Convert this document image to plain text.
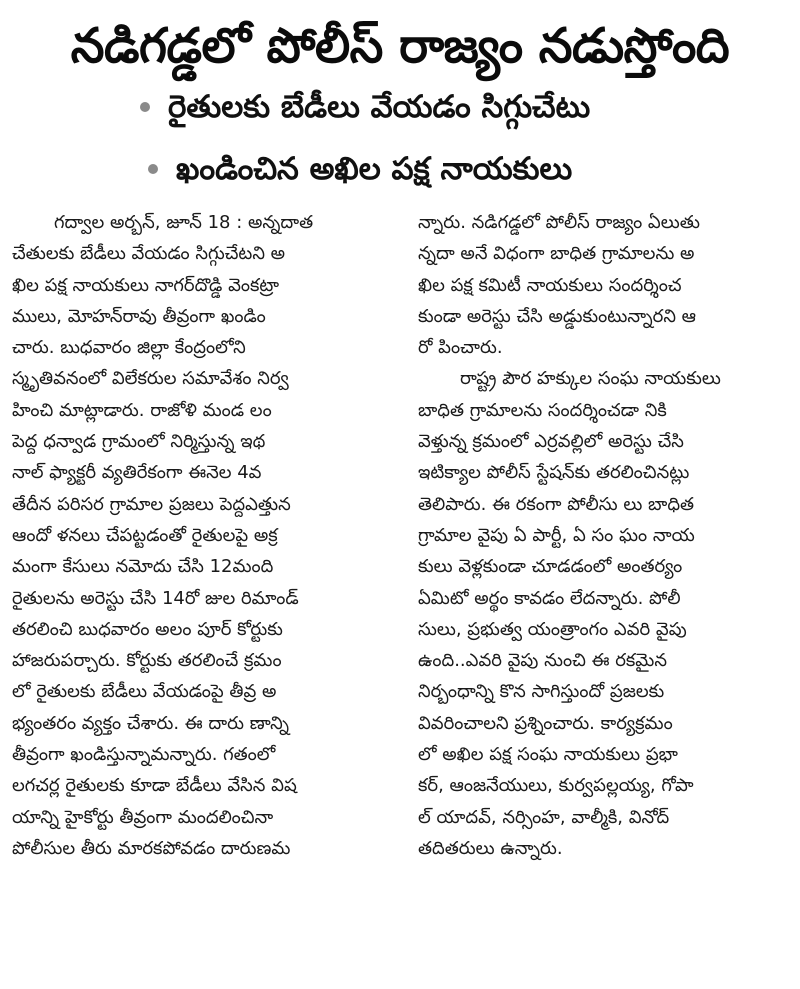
నడిగడ్డలో పోలీస్ రాజ్యం నడుస్తోంది
రైతులకు బేడీలు వేయడం సిగ్గుచేటు
ఖండించిన అఖిల పక్ష నాయకులు
గద్వాల అర్బన్, జూన్ 18 : అన్నదాత
చేతులకు బేడీలు వేయడం సిగ్గుచేటని అ
ఖిల పక్ష నాయకులు నాగర్‌దొడ్డి వెంకట్రా
ములు, మోహన్‌రావు తీవ్రంగా ఖండిం
చారు. బుధవారం జిల్లా కేంద్రంలోని
స్మృతివనంలో విలేకరుల సమావేశం నిర్వ
హించి మాట్లాడారు. రాజోళి మండ లం
పెద్ద ధన్వాడ గ్రామంలో నిర్మిస్తున్న ఇథ
నాల్ ఫ్యాక్టరీ వ్యతిరేకంగా ఈనెల 4వ
తేదీన పరిసర గ్రామాల ప్రజలు పెద్దఎత్తున
ఆందో ళనలు చేపట్టడంతో రైతులపై అక్ర
మంగా కేసులు నమోదు చేసి 12మంది
రైతులను అరెస్టు చేసి 14రో జుల రిమాండ్
తరలించి బుధవారం అలం పూర్ కోర్టుకు
హాజరుపర్చారు. కోర్టుకు తరలించే క్రమం
లో రైతులకు బేడీలు వేయడంపై తీవ్ర అ
భ్యంతరం వ్యక్తం చేశారు. ఈ దారు ణాన్ని
తీవ్రంగా ఖండిస్తున్నామన్నారు. గతంలో
లగచర్ల రైతులకు కూడా బేడీలు వేసిన విష
యాన్ని హైకోర్టు తీవ్రంగా మందలించినా
పోలీసుల తీరు మారకపోవడం దారుణమ
న్నారు. నడిగడ్డలో పోలీస్ రాజ్యం ఏలుతు
న్నదా అనే విధంగా బాధిత గ్రామాలను అ
ఖిల పక్ష కమిటీ నాయకులు సందర్శించ
కుండా అరెస్టు చేసి అడ్డుకుంటున్నారని ఆ
రో పించారు.
రాష్ట్ర పౌర హక్కుల సంఘ నాయకులు
బాధిత గ్రామాలను సందర్శించడా నికి
వెళ్తున్న క్రమంలో ఎర్రవల్లిలో అరెస్టు చేసి
ఇటిక్యాల పోలీస్ స్టేషన్‌కు తరలించినట్లు
తెలిపారు. ఈ రకంగా పోలీసు లు బాధిత
గ్రామాల వైపు ఏ పార్టీ, ఏ సం ఘం నాయ
కులు వెళ్లకుండా చూడడంలో అంతర్యం
ఏమిటో అర్థం కావడం లేదన్నారు. పోలీ
సులు, ప్రభుత్వ యంత్రాంగం ఎవరి వైపు
ఉంది..ఎవరి వైపు నుంచి ఈ రకమైన
నిర్బంధాన్ని కొన సాగిస్తుందో ప్రజలకు
వివరించాలని ప్రశ్నించారు. కార్యక్రమం
లో అఖిల పక్ష సంఘ నాయకులు ప్రభా
కర్, ఆంజనేయులు, కుర్వపల్లయ్య, గోపా
ల్ యాదవ్, నర్సింహ, వాల్మీకి, వినోద్
తదితరులు ఉన్నారు.
